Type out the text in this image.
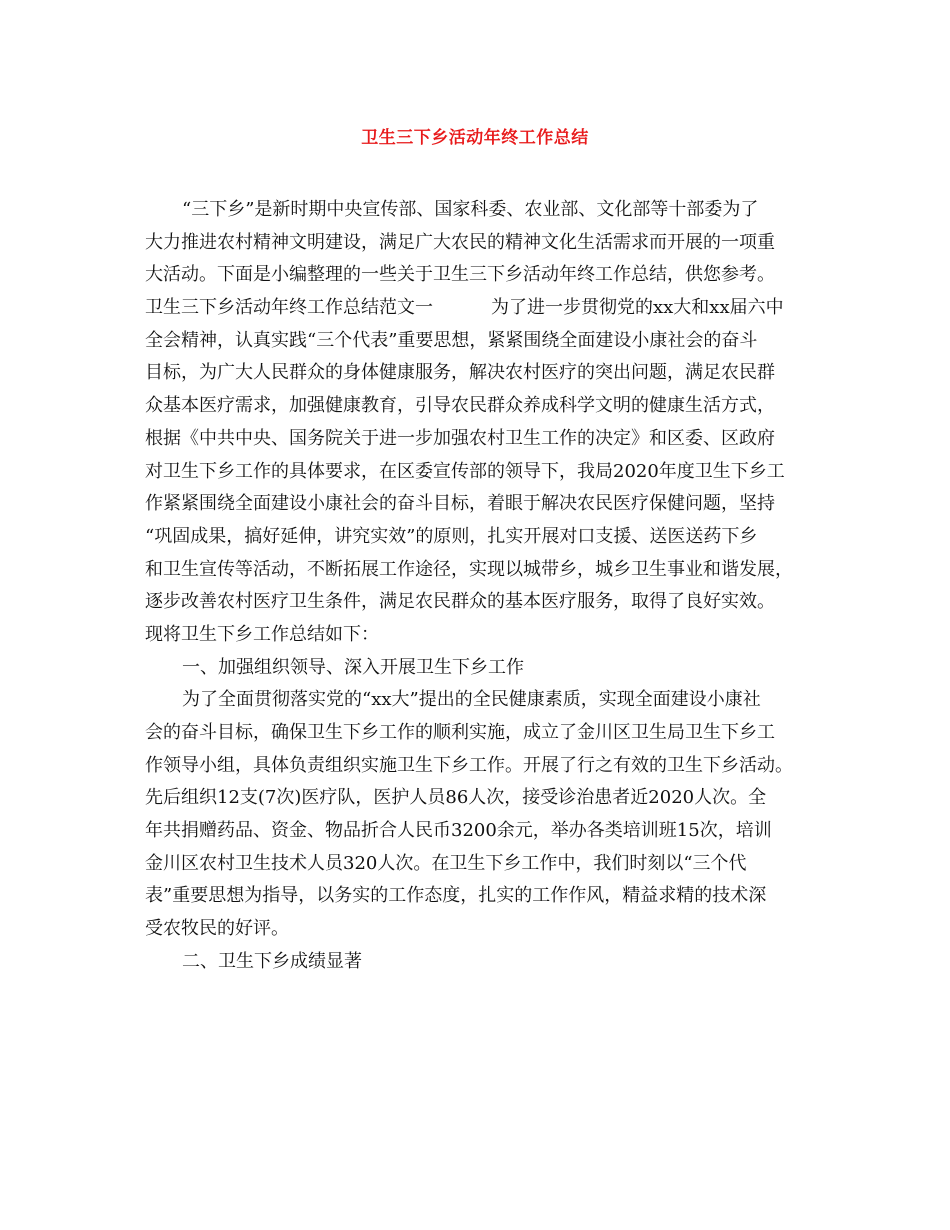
卫生三下乡活动年终工作总结
“三下乡”是新时期中央宣传部、国家科委、农业部、文化部等十部委为了
大力推进农村精神文明建设，满足广大农民的精神文化生活需求而开展的一项重
大活动。下面是小编整理的一些关于卫生三下乡活动年终工作总结，供您参考。
卫生三下乡活动年终工作总结范文一	为了进一步贯彻党的xx大和xx届六中
全会精神，认真实践“三个代表”重要思想，紧紧围绕全面建设小康社会的奋斗
目标，为广大人民群众的身体健康服务，解决农村医疗的突出问题，满足农民群
众基本医疗需求，加强健康教育，引导农民群众养成科学文明的健康生活方式，
根据《中共中央、国务院关于进一步加强农村卫生工作的决定》和区委、区政府
对卫生下乡工作的具体要求，在区委宣传部的领导下，我局2020年度卫生下乡工
作紧紧围绕全面建设小康社会的奋斗目标，着眼于解决农民医疗保健问题，坚持
“巩固成果，搞好延伸，讲究实效”的原则，扎实开展对口支援、送医送药下乡
和卫生宣传等活动，不断拓展工作途径，实现以城带乡，城乡卫生事业和谐发展，
逐步改善农村医疗卫生条件，满足农民群众的基本医疗服务，取得了良好实效。
现将卫生下乡工作总结如下：
一、加强组织领导、深入开展卫生下乡工作
为了全面贯彻落实党的“xx大”提出的全民健康素质，实现全面建设小康社
会的奋斗目标，确保卫生下乡工作的顺利实施，成立了金川区卫生局卫生下乡工
作领导小组，具体负责组织实施卫生下乡工作。开展了行之有效的卫生下乡活动。
先后组织12支(7次)医疗队，医护人员86人次，接受诊治患者近2020人次。全
年共捐赠药品、资金、物品折合人民币3200余元，举办各类培训班15次，培训
金川区农村卫生技术人员320人次。在卫生下乡工作中，我们时刻以“三个代
表”重要思想为指导，以务实的工作态度，扎实的工作作风，精益求精的技术深
受农牧民的好评。
二、卫生下乡成绩显著
